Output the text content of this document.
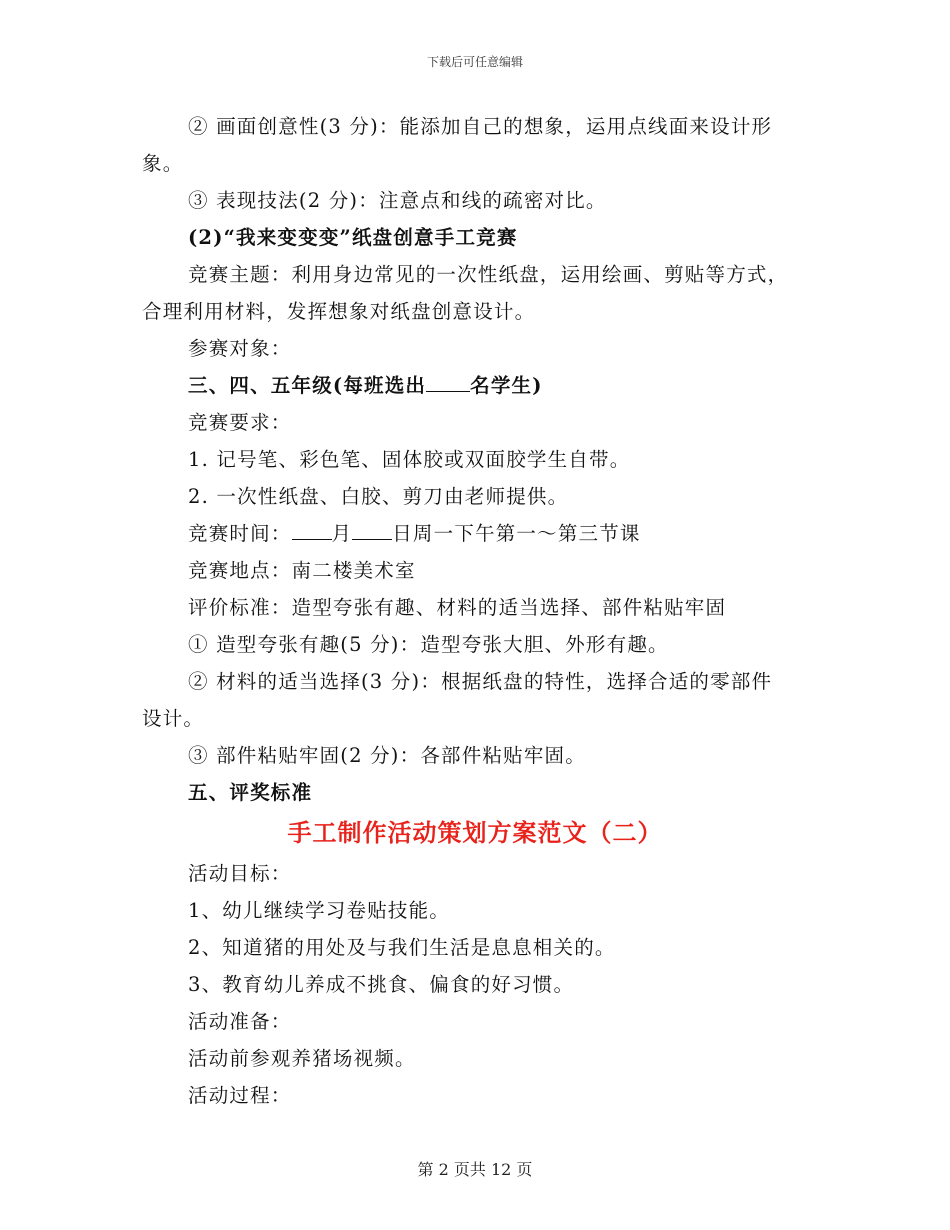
下载后可任意编辑

② 画面创意性(3 分)：能添加自己的想象，运用点线面来设计形

象。

③ 表现技法(2 分)：注意点和线的疏密对比。

(2)“我来变变变”纸盘创意手工竞赛

竞赛主题：利用身边常见的一次性纸盘，运用绘画、剪贴等方式，

合理利用材料，发挥想象对纸盘创意设计。

参赛对象：

三、四、五年级(每班选出 名学生)

竞赛要求：

1. 记号笔、彩色笔、固体胶或双面胶学生自带。

2. 一次性纸盘、白胶、剪刀由老师提供。

竞赛时间： 月 日周一下午第一～第三节课

竞赛地点：南二楼美术室

评价标准：造型夸张有趣、材料的适当选择、部件粘贴牢固

① 造型夸张有趣(5 分)：造型夸张大胆、外形有趣。

② 材料的适当选择(3 分)：根据纸盘的特性，选择合适的零部件

设计。

③ 部件粘贴牢固(2 分)：各部件粘贴牢固。

五、评奖标准

手工制作活动策划方案范文（二）

活动目标：

1、幼儿继续学习卷贴技能。

2、知道猪的用处及与我们生活是息息相关的。

3、教育幼儿养成不挑食、偏食的好习惯。

活动准备：

活动前参观养猪场视频。

活动过程：

第 2 页共 12 页
